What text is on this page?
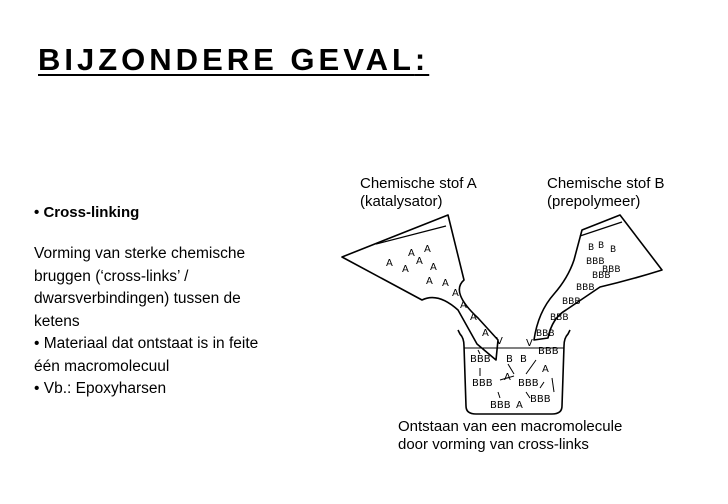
BIJZONDERE GEVAL:
• Cross-linking
Vorming van sterke chemische
bruggen (‘cross-links’ /
dwarsverbindingen) tussen de
ketens
• Materiaal dat ontstaat is in feite
één macromolecuul
• Vb.: Epoxyharsen
Chemische stof A
(katalysator)
Chemische stof B
(prepolymeer)
Ontstaan van een macromolecule
door vorming van cross-links
A A
A
A
A
A
A
A
A
A
A
A
B B B
BBB
BBB
BBB
BBB
BBB
BBB
BBB
V V
BBB B B
BBB
BBB
A
BBB
BBB A
BBB
A
